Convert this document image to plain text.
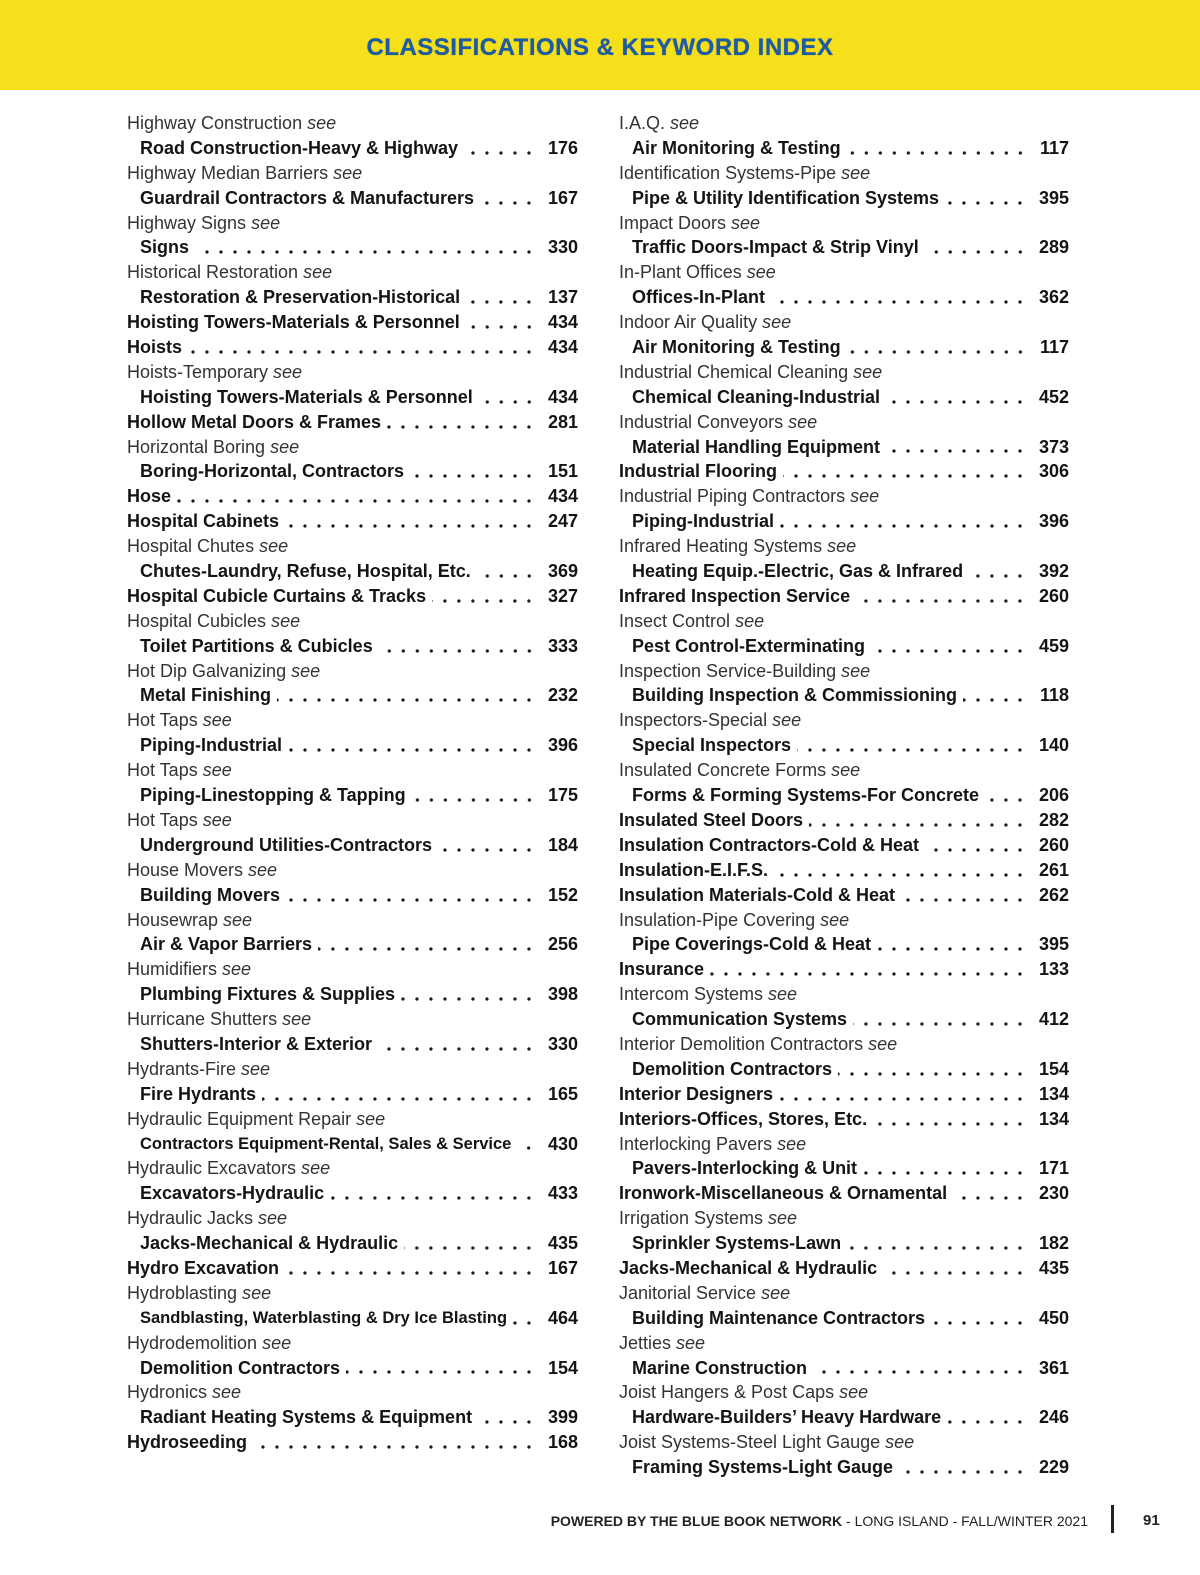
CLASSIFICATIONS & KEYWORD INDEX
Highway Construction see
Road Construction-Heavy & Highway	176
Highway Median Barriers see
Guardrail Contractors & Manufacturers	167
Highway Signs see
Signs	330
Historical Restoration see
Restoration & Preservation-Historical	137
Hoisting Towers-Materials & Personnel	434
Hoists	434
Hoists-Temporary see
Hoisting Towers-Materials & Personnel	434
Hollow Metal Doors & Frames	281
Horizontal Boring see
Boring-Horizontal, Contractors	151
Hose	434
Hospital Cabinets	247
Hospital Chutes see
Chutes-Laundry, Refuse, Hospital, Etc.	369
Hospital Cubicle Curtains & Tracks	327
Hospital Cubicles see
Toilet Partitions & Cubicles	333
Hot Dip Galvanizing see
Metal Finishing	232
Hot Taps see
Piping-Industrial	396
Hot Taps see
Piping-Linestopping & Tapping	175
Hot Taps see
Underground Utilities-Contractors	184
House Movers see
Building Movers	152
Housewrap see
Air & Vapor Barriers	256
Humidifiers see
Plumbing Fixtures & Supplies	398
Hurricane Shutters see
Shutters-Interior & Exterior	330
Hydrants-Fire see
Fire Hydrants	165
Hydraulic Equipment Repair see
Contractors Equipment-Rental, Sales & Service 430
Hydraulic Excavators see
Excavators-Hydraulic	433
Hydraulic Jacks see
Jacks-Mechanical & Hydraulic	435
Hydro Excavation	167
Hydroblasting see
Sandblasting, Waterblasting & Dry Ice Blasting 464
Hydrodemolition see
Demolition Contractors	154
Hydronics see
Radiant Heating Systems & Equipment	399
Hydroseeding	168
I.A.Q. see
Air Monitoring & Testing	117
Identification Systems-Pipe see
Pipe & Utility Identification Systems	395
Impact Doors see
Traffic Doors-Impact & Strip Vinyl	289
In-Plant Offices see
Offices-In-Plant	362
Indoor Air Quality see
Air Monitoring & Testing	117
Industrial Chemical Cleaning see
Chemical Cleaning-Industrial	452
Industrial Conveyors see
Material Handling Equipment	373
Industrial Flooring	306
Industrial Piping Contractors see
Piping-Industrial	396
Infrared Heating Systems see
Heating Equip.-Electric, Gas & Infrared	392
Infrared Inspection Service	260
Insect Control see
Pest Control-Exterminating	459
Inspection Service-Building see
Building Inspection & Commissioning	118
Inspectors-Special see
Special Inspectors	140
Insulated Concrete Forms see
Forms & Forming Systems-For Concrete	206
Insulated Steel Doors	282
Insulation Contractors-Cold & Heat	260
Insulation-E.I.F.S.	261
Insulation Materials-Cold & Heat	262
Insulation-Pipe Covering see
Pipe Coverings-Cold & Heat	395
Insurance	133
Intercom Systems see
Communication Systems	412
Interior Demolition Contractors see
Demolition Contractors	154
Interior Designers	134
Interiors-Offices, Stores, Etc.	134
Interlocking Pavers see
Pavers-Interlocking & Unit	171
Ironwork-Miscellaneous & Ornamental	230
Irrigation Systems see
Sprinkler Systems-Lawn	182
Jacks-Mechanical & Hydraulic	435
Janitorial Service see
Building Maintenance Contractors	450
Jetties see
Marine Construction	361
Joist Hangers & Post Caps see
Hardware-Builders’ Heavy Hardware	246
Joist Systems-Steel Light Gauge see
Framing Systems-Light Gauge	229
POWERED BY THE BLUE BOOK NETWORK - LONG ISLAND - FALL/WINTER 2021	91
